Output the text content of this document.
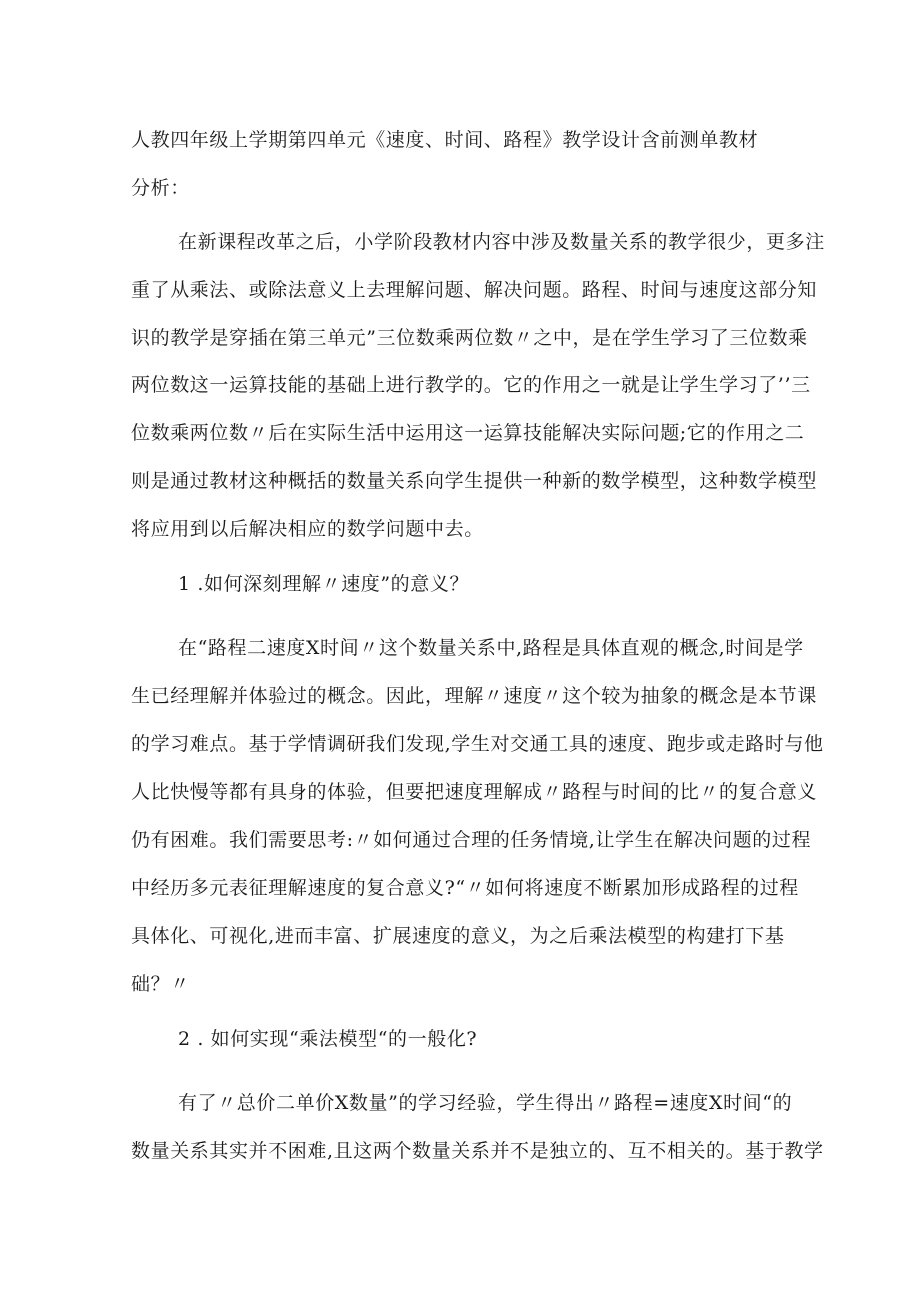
人教四年级上学期第四单元《速度、时间、路程》教学设计含前测单教材
分析：
在新课程改革之后，小学阶段教材内容中涉及数量关系的教学很少，更多注
重了从乘法、或除法意义上去理解问题、解决问题。路程、时间与速度这部分知
识的教学是穿插在第三单元”三位数乘两位数〃之中，是在学生学习了三位数乘
两位数这一运算技能的基础上进行教学的。它的作用之一就是让学生学习了’’三
位数乘两位数〃后在实际生活中运用这一运算技能解决实际问题;它的作用之二
则是通过教材这种概括的数量关系向学生提供一种新的数学模型，这种数学模型
将应用到以后解决相应的数学问题中去。
1 .如何深刻理解〃速度”的意义？
在“路程二速度X时间〃这个数量关系中,路程是具体直观的概念,时间是学
生已经理解并体验过的概念。因此，理解〃速度〃这个较为抽象的概念是本节课
的学习难点。基于学情调研我们发现,学生对交通工具的速度、跑步或走路时与他
人比快慢等都有具身的体验，但要把速度理解成〃路程与时间的比〃的复合意义
仍有困难。我们需要思考:〃如何通过合理的任务情境,让学生在解决问题的过程
中经历多元表征理解速度的复合意义?“〃如何将速度不断累加形成路程的过程
具体化、可视化,进而丰富、扩展速度的意义，为之后乘法模型的构建打下基
础？〃
2 . 如何实现“乘法模型“的一般化?
有了〃总价二单价X数量”的学习经验，学生得出〃路程=速度X时间“的
数量关系其实并不困难,且这两个数量关系并不是独立的、互不相关的。基于教学
